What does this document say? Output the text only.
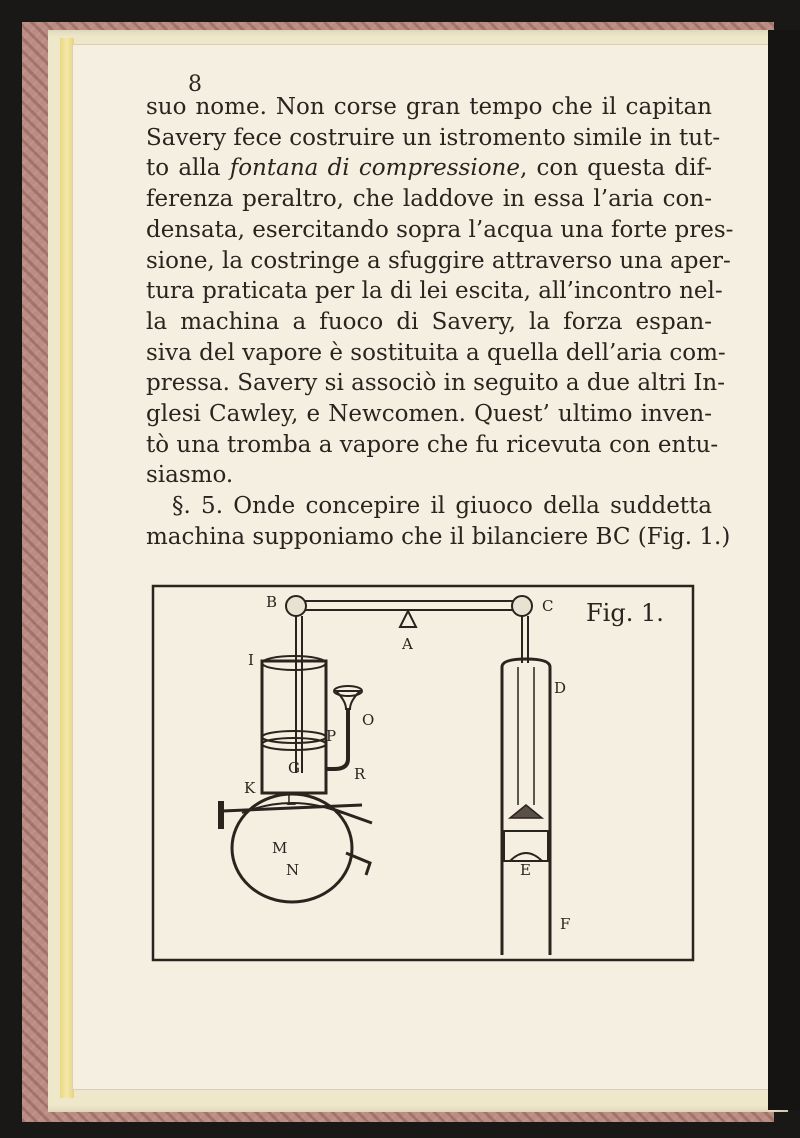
8
suo nome. Non corse gran tempo che il capitan
Savery fece costruire un istromento simile in tut-
to alla fontana di compressione, con questa dif-
ferenza peraltro, che laddove in essa l’aria con-
densata, esercitando sopra l’acqua una forte pres-
sione, la costringe a sfuggire attraverso una aper-
tura praticata per la di lei escita, all’incontro nel-
la machina a fuoco di Savery, la forza espan-
siva del vapore è sostituita a quella dell’aria com-
pressa. Savery si associò in seguito a due altri In-
glesi Cawley, e Newcomen. Quest’ ultimo inven-
tò una tromba a vapore che fu ricevuta con entu-
siasmo.
§. 5. Onde concepire il giuoco della suddetta
machina supponiamo che il bilanciere BC (Fig. 1.)
Fig. 1.
A
B	C
D
E
F
G
I
K
L
M
N
O
P
R
